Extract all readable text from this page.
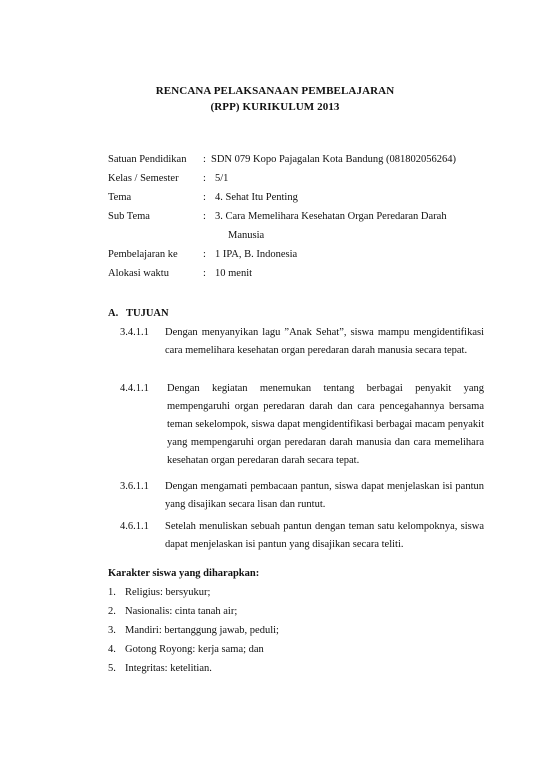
RENCANA PELAKSANAAN PEMBELAJARAN
(RPP) KURIKULUM 2013
Satuan Pendidikan : SDN 079 Kopo Pajagalan Kota Bandung (081802056264)
Kelas / Semester : 5/1
Tema	: 4. Sehat Itu Penting
Sub Tema	: 3. Cara Memelihara Kesehatan Organ Peredaran Darah
Manusia
Pembelajaran ke : 1 IPA, B. Indonesia
Alokasi waktu	: 10 menit
A. TUJUAN
3.4.1.1 Dengan menyanyikan lagu ”Anak Sehat”, siswa mampu mengidentifikasi cara memelihara kesehatan organ peredaran darah manusia secara tepat.
4.4.1.1 Dengan kegiatan menemukan tentang berbagai penyakit yang mempengaruhi organ peredaran darah dan cara pencegahannya bersama teman sekelompok, siswa dapat mengidentifikasi berbagai macam penyakit yang mempengaruhi organ peredaran darah manusia dan cara memelihara kesehatan organ peredaran darah secara tepat.
3.6.1.1 Dengan mengamati pembacaan pantun, siswa dapat menjelaskan isi pantun yang disajikan secara lisan dan runtut.
4.6.1.1 Setelah menuliskan sebuah pantun dengan teman satu kelompoknya, siswa dapat menjelaskan isi pantun yang disajikan secara teliti.
Karakter siswa yang diharapkan:
1. Religius: bersyukur;
2. Nasionalis: cinta tanah air;
3. Mandiri: bertanggung jawab, peduli;
4. Gotong Royong: kerja sama; dan
5. Integritas: ketelitian.
